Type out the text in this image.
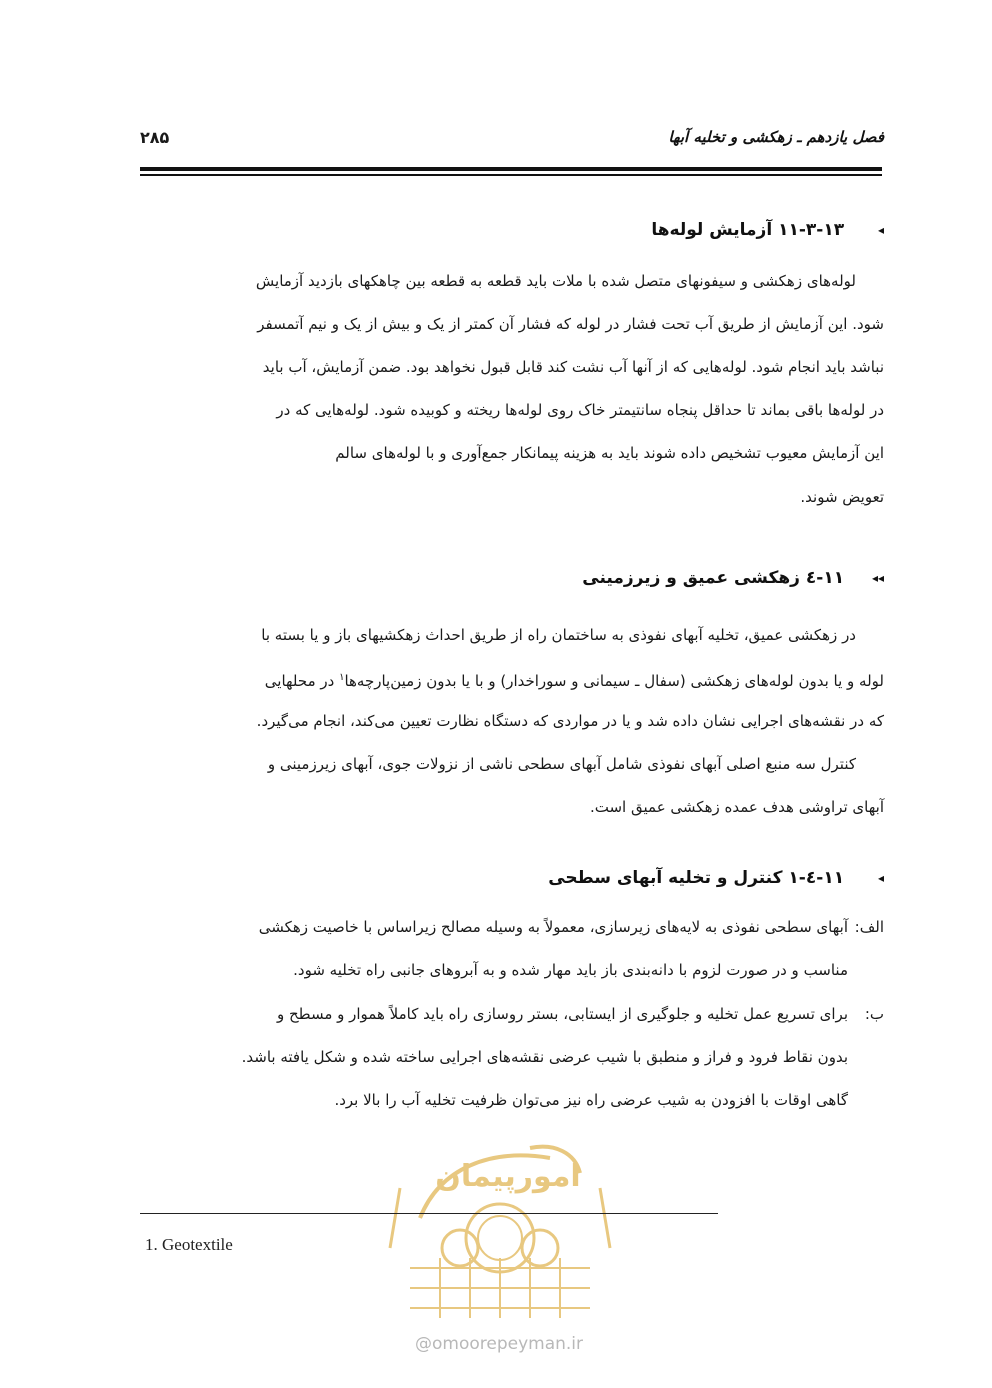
فصل یازدهم ـ زهکشی و تخلیه آبها
۲۸۵
◂ ۱۱-۳-۱۳ آزمایش لوله‌ها

لوله‌های زهکشی و سیفونهای متصل شده با ملات باید قطعه به قطعه بین چاهکهای بازدید آزمایش

شود. این آزمایش از طریق آب تحت فشار در لوله که فشار آن کمتر از یک و بیش از یک و نیم آتمسفر

نباشد باید انجام شود. لوله‌هایی که از آنها آب نشت کند قابل قبول نخواهد بود. ضمن آزمایش، آب باید

در لوله‌ها باقی بماند تا حداقل پنجاه سانتیمتر خاک روی لوله‌ها ریخته و کوبیده شود. لوله‌هایی که در

این آزمایش معیوب تشخیص داده شوند باید به هزینه پیمانکار جمع‌آوری و با لوله‌های سالم

تعویض شوند.

◂◂ ۱۱-٤ زهکشی عمیق و زیرزمینی

در زهکشی عمیق، تخلیه آبهای نفوذی به ساختمان راه از طریق احداث زهکشیهای باز و یا بسته با

لوله و یا بدون لوله‌های زهکشی (سفال ـ سیمانی و سوراخدار) و با یا بدون زمین‌پارچه‌ها$^۱$ در محلهایی

که در نقشه‌های اجرایی نشان داده شد و یا در مواردی که دستگاه نظارت تعیین می‌کند، انجام می‌گیرد.

کنترل سه منبع اصلی آبهای نفوذی شامل آبهای سطحی ناشی از نزولات جوی، آبهای زیرزمینی و

آبهای تراوشی هدف عمده زهکشی عمیق است.

◂ ۱۱-٤-۱ کنترل و تخلیه آبهای سطحی
الف:

آبهای سطحی نفوذی به لایه‌های زیرسازی، معمولاً به وسیله مصالح زیراساس با خاصیت زهکشی

مناسب و در صورت لزوم با دانه‌بندی باز باید مهار شده و به آبروهای جانبی راه تخلیه شود.

ب:

برای تسریع عمل تخلیه و جلوگیری از ایستابی، بستر روسازی راه باید کاملاً هموار و مسطح و

بدون نقاط فرود و فراز و منطبق با شیب عرضی نقشه‌های اجرایی ساخته شده و شکل یافته باشد.

گاهی اوقات با افزودن به شیب عرضی راه نیز می‌توان ظرفیت تخلیه آب را بالا برد.

امورپیمان
1. Geotextile
@omoorepeyman.ir
